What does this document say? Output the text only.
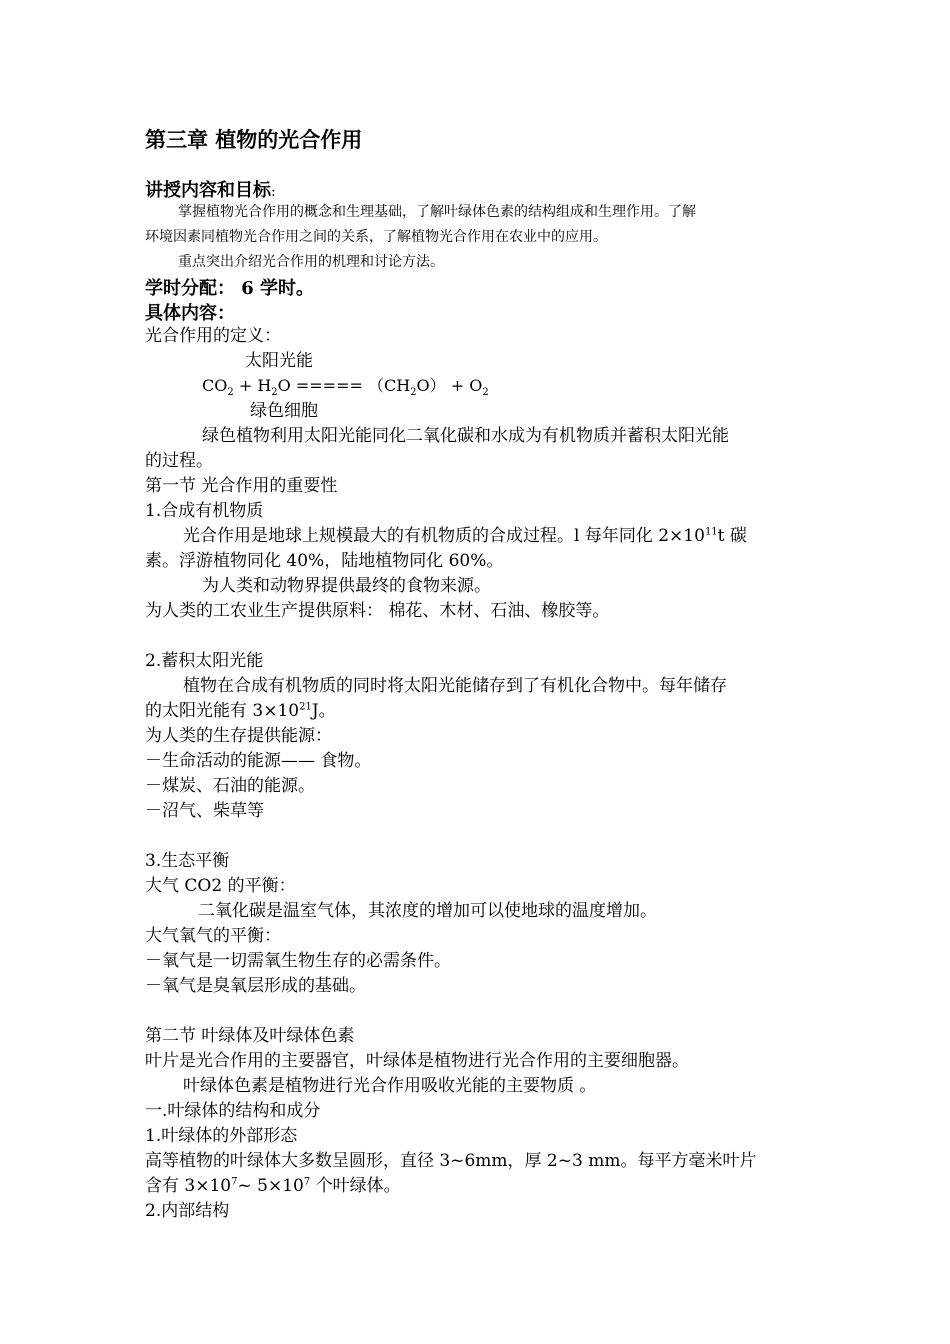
第三章 植物的光合作用
讲授内容和目标:
掌握植物光合作用的概念和生理基础，了解叶绿体色素的结构组成和生理作用。了解
环境因素同植物光合作用之间的关系，了解植物光合作用在农业中的应用。
重点突出介绍光合作用的机理和讨论方法。
学时分配： 6 学时。
具体内容：
光合作用的定义：
太阳光能
$CO_2 + H_2O$ ===== $(CH_2O) + O_2$
绿色细胞
绿色植物利用太阳光能同化二氧化碳和水成为有机物质并蓄积太阳光能
的过程。
第一节 光合作用的重要性
1.合成有机物质
光合作用是地球上规模最大的有机物质的合成过程。l 每年同化 $2\times 10^{11}t$ 碳
素。浮游植物同化 40%，陆地植物同化 60%。
为人类和动物界提供最终的食物来源。
为人类的工农业生产提供原料： 棉花、木材、石油、橡胶等。
2.蓄积太阳光能
植物在合成有机物质的同时将太阳光能储存到了有机化合物中。每年储存
的太阳光能有 $3\times 10^{21}J$。
为人类的生存提供能源：
－生命活动的能源—— 食物。
－煤炭、石油的能源。
－沼气、柴草等
3.生态平衡
大气 CO2 的平衡：
二氧化碳是温室气体，其浓度的增加可以使地球的温度增加。
大气氧气的平衡：
－氧气是一切需氧生物生存的必需条件。
－氧气是臭氧层形成的基础。
第二节 叶绿体及叶绿体色素
叶片是光合作用的主要器官，叶绿体是植物进行光合作用的主要细胞器。
叶绿体色素是植物进行光合作用吸收光能的主要物质 。
一.叶绿体的结构和成分
1.叶绿体的外部形态
高等植物的叶绿体大多数呈圆形，直径 3~6mm，厚 2~3 mm。每平方毫米叶片
含有 $3\times 10^7\sim$ $5\times 10^7$ 个叶绿体。
2.内部结构
